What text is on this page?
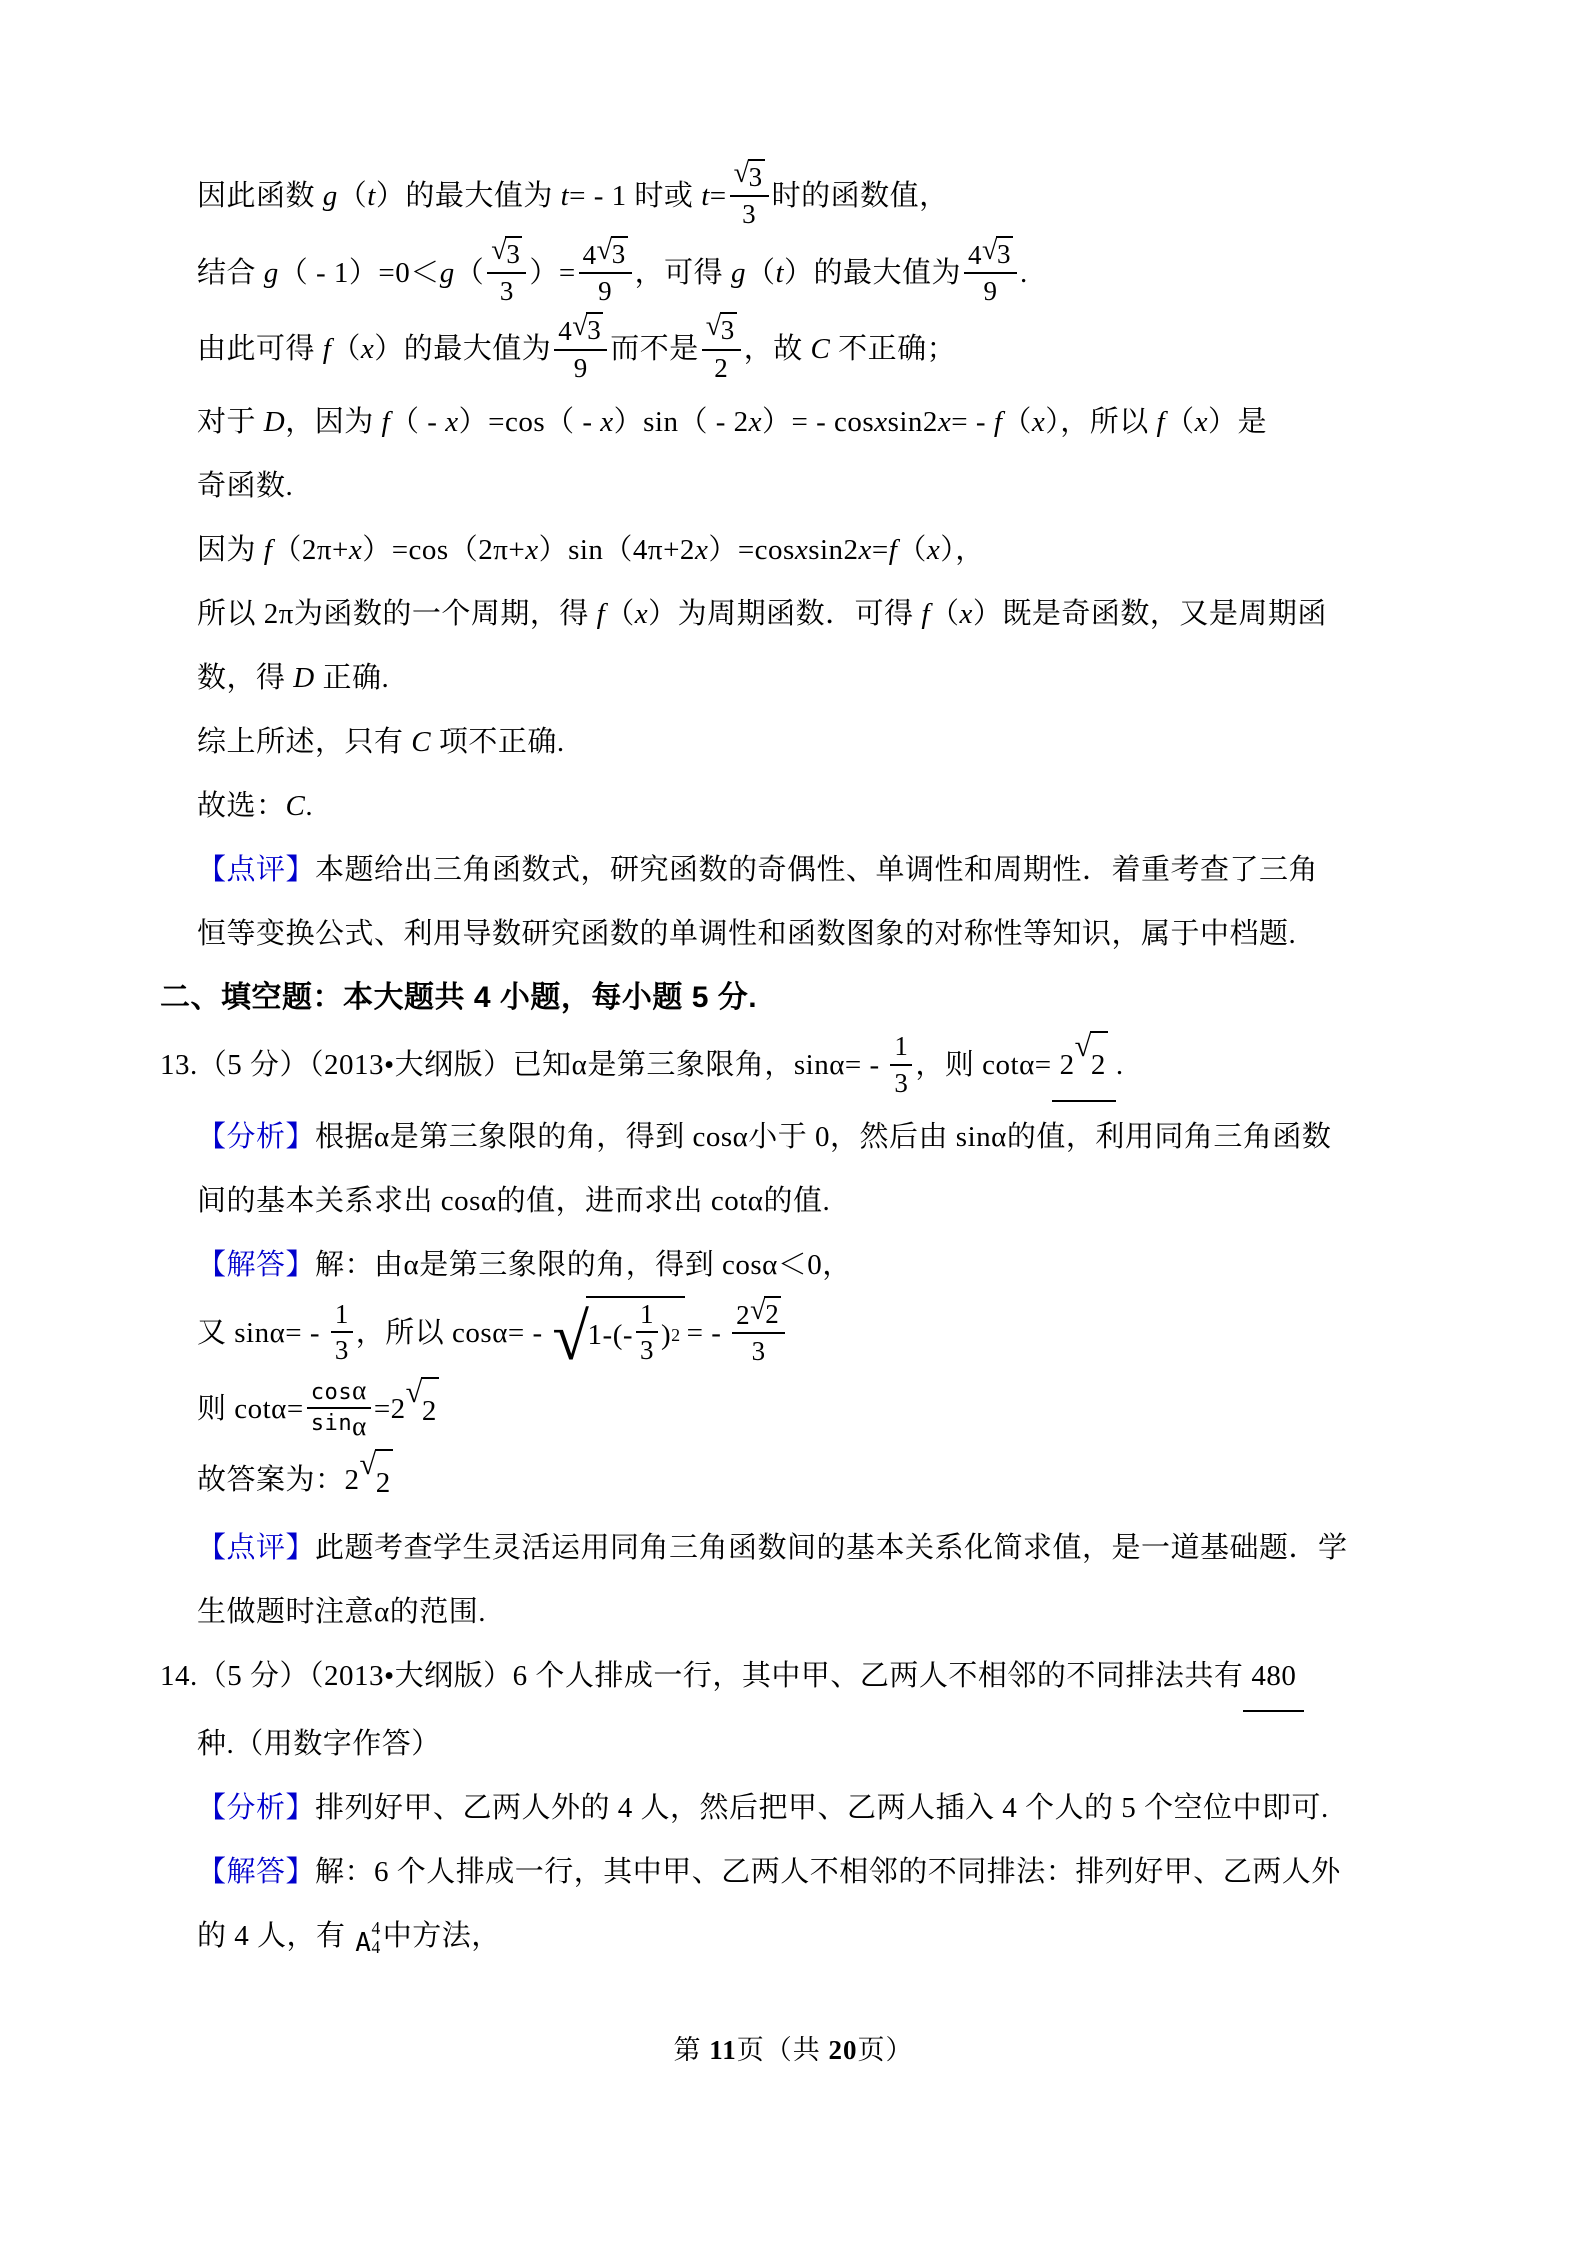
因此函数 g（t）的最大值为 t= - 1 时或 $t= \frac{√ 3}{3}$ 时的函数值，
结合 $g( - 1)=0<g( \frac{√ 3}{3}$ ）= $\frac{4 √ 3}{9}$ ，可得 g（t）的最大值为 $\frac{4 √ 3}{9}$ .
由此可得 f（x）的最大值为 $\frac{4 √ 3}{9}$ 而不是 $\frac{√ 3}{2}$ ，故 C 不正确；
对于 D，因为 f（ - x）=cos（ - x）sin（ - 2x）= - cosxsin2x= - f（x），所以 f（x）是
奇函数.
因为 f（2π+x）=cos（2π+x）sin（4π+2x）=cosxsin2x=f（x），
所以 2π为函数的一个周期，得 f（x）为周期函数．可得 f（x）既是奇函数，又是周期函
数，得 D 正确.
综上所述，只有 C 项不正确.
故选：C.
【点评】本题给出三角函数式，研究函数的奇偶性、单调性和周期性．着重考查了三角
恒等变换公式、利用导数研究函数的单调性和函数图象的对称性等知识，属于中档题.
二、填空题：本大题共 4 小题，每小题 5 分.
13.（5 分）（2013•大纲版）已知α是第三象限角，$\sin\alpha= - \frac{1}{3}$ ，则 cotα= 2
√
2 .
【分析】根据α是第三象限的角，得到 cosα小于 0，然后由 sinα的值，利用同角三角函数
间的基本关系求出 cosα的值，进而求出 cotα的值.
【解答】解：由α是第三象限的角，得到 cosα＜0，
又 $\sin\alpha= - \frac{1}{3}$ ，所以 cosα= - √
$1-(- \frac{1}{3}$ ) 2 = - $\frac{2 √ 2}{3}$
则 $\cot\alpha= \frac{\text{cos α}}{\text{sin α}} =2$ √
2
故答案为：2 √
2
【点评】此题考查学生灵活运用同角三角函数间的基本关系化简求值，是一道基础题．学
生做题时注意α的范围.
14.（5 分）（2013•大纲版）6 个人排成一行，其中甲、乙两人不相邻的不同排法共有 480
种.（用数字作答）
【分析】排列好甲、乙两人外的 4 人，然后把甲、乙两人插入 4 个人的 5 个空位中即可.
【解答】解：6 个人排成一行，其中甲、乙两人不相邻的不同排法：排列好甲、乙两人外
的 4 人，有 A
4
4 中方法，
第 11页（共 20页）
